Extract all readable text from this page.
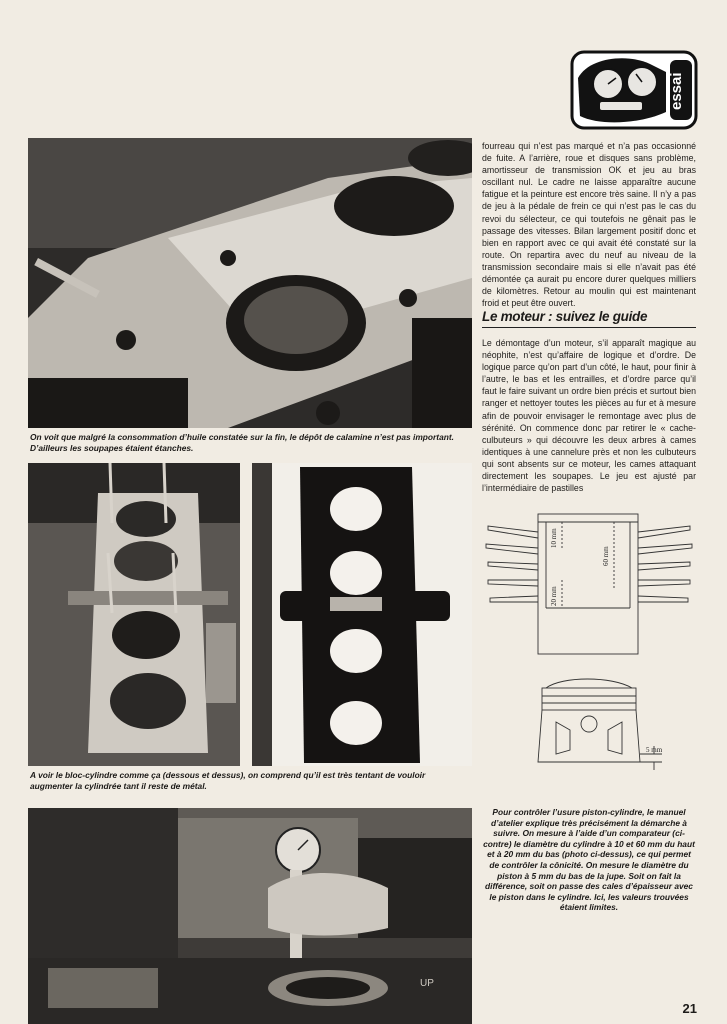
essai
On voit que malgré la consommation d’huile constatée sur la fin, le dépôt de calamine n’est pas important. D’ailleurs les soupapes étaient étanches.
A voir le bloc-cylindre comme ça (dessous et dessus), on comprend qu’il est très tentant de vouloir augmenter la cylindrée tant il reste de métal.
UP
fourreau qui n’est pas marqué et n’a pas occasionné de fuite. A l’arrière, roue et disques sans problème, amortisseur de transmission OK et jeu au bras oscillant nul. Le cadre ne laisse apparaître aucune fatigue et la peinture est encore très saine. Il n’y a pas de jeu à la pédale de frein ce qui n’est pas le cas du revoi du sélecteur, ce qui toutefois ne gênait pas le passage des vitesses. Bilan largement positif donc et bien en rapport avec ce qui avait été constaté sur la route. On repartira avec du neuf au niveau de la transmission secondaire mais si elle n’avait pas été démontée ça aurait pu encore durer quelques milliers de kilomètres. Retour au moulin qui est maintenant froid et peut être ouvert.
Le moteur : suivez le guide
Le démontage d’un moteur, s’il apparaît magique au néophite, n’est qu’affaire de logique et d’ordre. De logique parce qu’on part d’un côté, le haut, pour finir à l’autre, le bas et les entrailles, et d’ordre parce qu’il faut le faire suivant un ordre bien précis et surtout bien ranger et nettoyer toutes les pièces au fur et à mesure afin de pouvoir envisager le remontage avec plus de sérénité. On commence donc par retirer le « cache-culbuteurs » qui découvre les deux arbres à cames identiques à une cannelure près et non les culbuteurs qui sont absents sur ce moteur, les cames attaquant directement les soupapes. Le jeu est ajusté par l’intermédiaire de pastilles
10 mm
60 mm
20 mm
5 mm
Pour contrôler l’usure piston-cylindre, le manuel d’atelier explique très précisément la démarche à suivre. On mesure à l’aide d’un comparateur (ci-contre) le diamètre du cylindre à 10 et 60 mm du haut et à 20 mm du bas (photo ci-dessus), ce qui permet de contrôler la cônicité. On mesure le diamètre du piston à 5 mm du bas de la jupe. Soit on fait la différence, soit on passe des cales d’épaisseur avec le piston dans le cylindre. Ici, les valeurs trouvées étaient limites.
21
